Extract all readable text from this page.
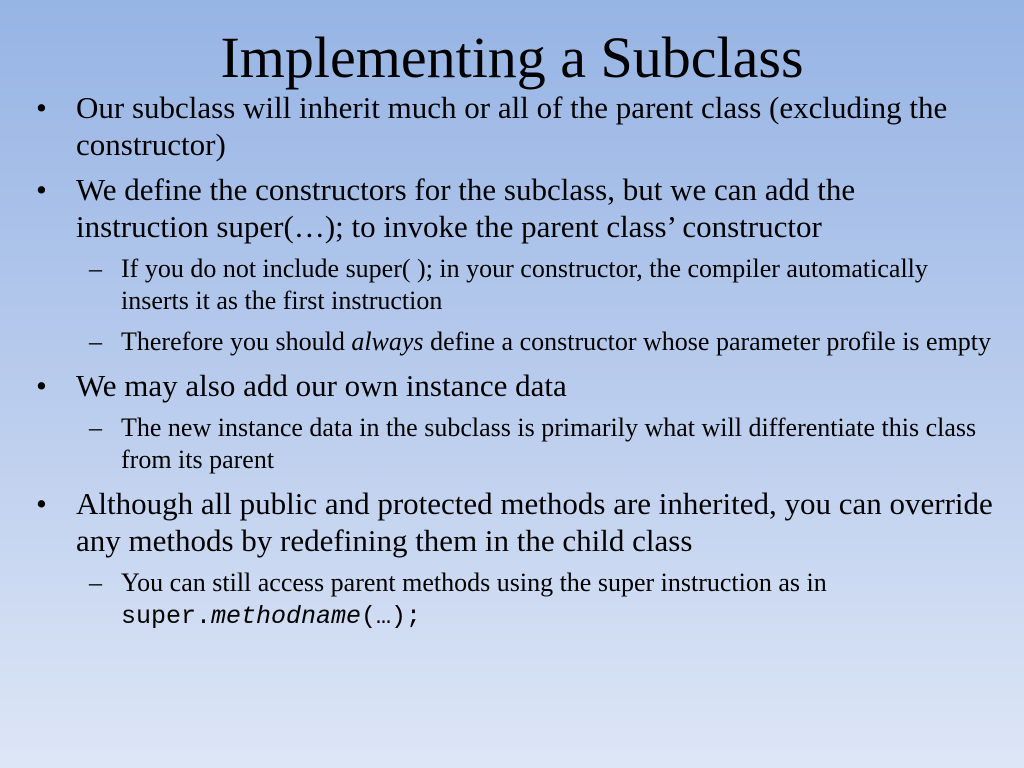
Implementing a Subclass
• Our subclass will inherit much or all of the parent class (excluding the constructor)
• We define the constructors for the subclass, but we can add the instruction super(…); to invoke the parent class’ constructor
– If you do not include super( ); in your constructor, the compiler automatically inserts it as the first instruction
– Therefore you should always define a constructor whose parameter profile is empty
• We may also add our own instance data
– The new instance data in the subclass is primarily what will differentiate this class from its parent
• Although all public and protected methods are inherited, you can override any methods by redefining them in the child class
– You can still access parent methods using the super instruction as in super.methodname(…);
